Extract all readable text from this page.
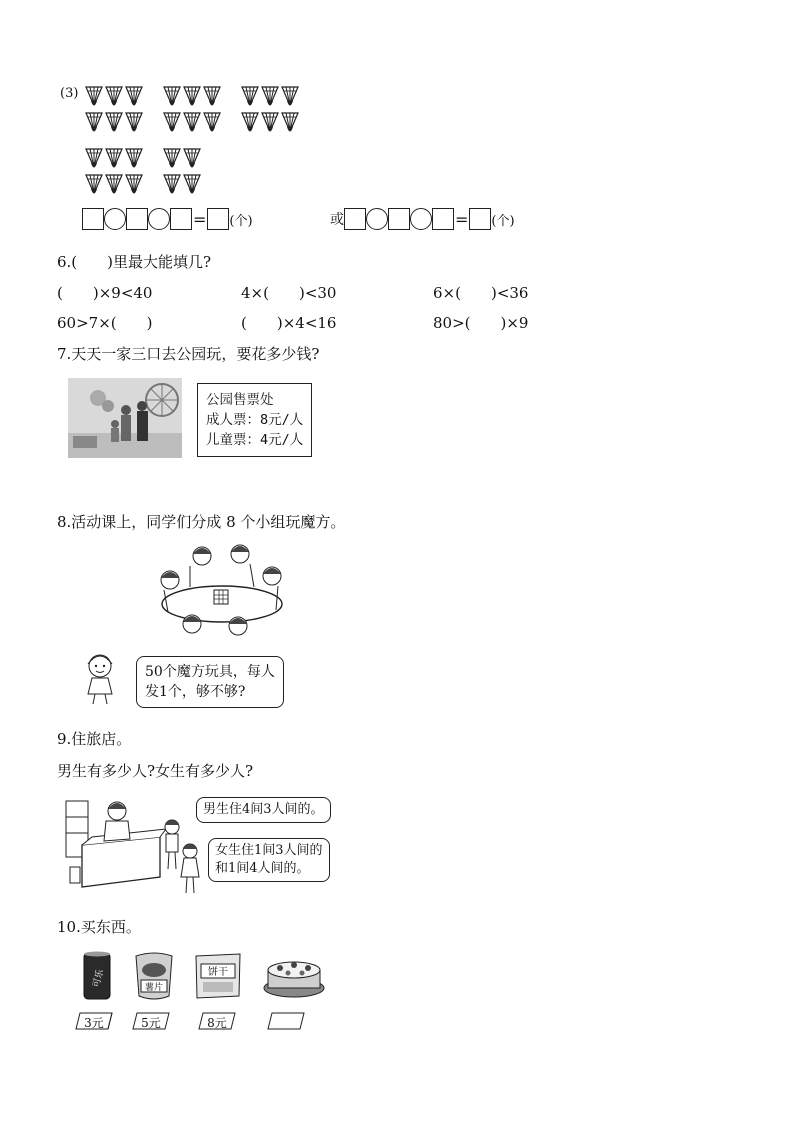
(3)
= (个)	或	= (个)
6.(　　)里最大能填几?
(　　)×9<40	4×(　　)<30	6×(　　)<36
60>7×(　　)	(　　)×4<16	80>(　　)×9
7.天天一家三口去公园玩，要花多少钱?
公园售票处
成人票：8元/人
儿童票：4元/人
8.活动课上，同学们分成 8 个小组玩魔方。
50个魔方玩具，每人
发1个，够不够?
9.住旅店。
男生有多少人?女生有多少人?
男生住4间3人间的。
女生住1间3人间的
和1间4人间的。
10.买东西。
可乐	薯片
饼干
3元	5元	8元
